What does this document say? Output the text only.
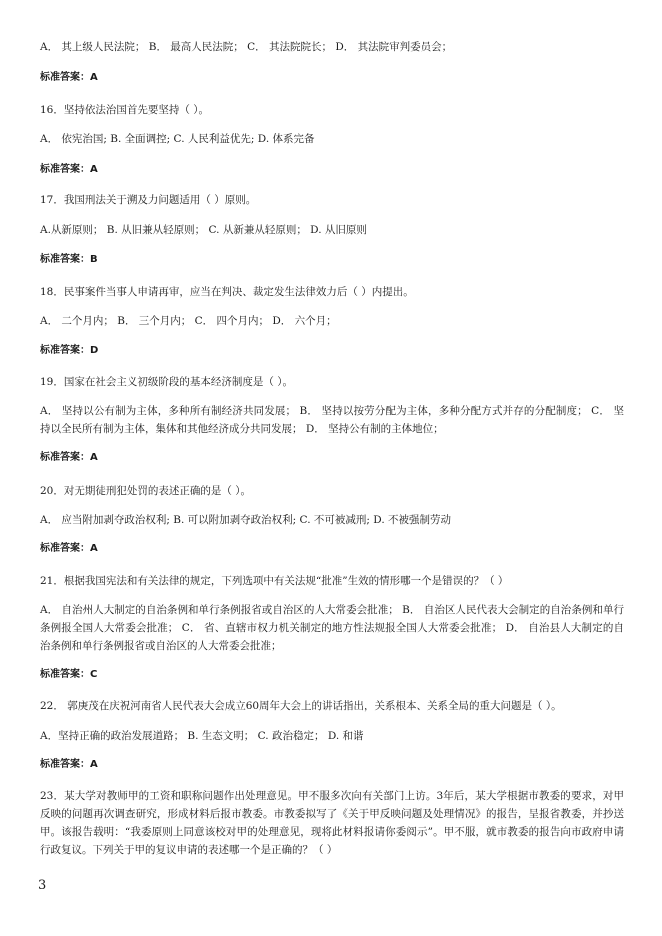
A． 其上级人民法院； B． 最高人民法院； C． 其法院院长； D． 其法院审判委员会；
标准答案：A
16．坚持依法治国首先要坚持（ ）。
A． 依宪治国; B. 全面调控; C. 人民利益优先; D. 体系完备
标准答案：A
17．我国刑法关于溯及力问题适用（ ）原则。
A.从新原则； B. 从旧兼从轻原则； C. 从新兼从轻原则； D. 从旧原则
标准答案：B
18．民事案件当事人申请再审，应当在判决、裁定发生法律效力后（ ）内提出。
A． 二个月内； B． 三个月内； C． 四个月内； D． 六个月；
标准答案：D
19．国家在社会主义初级阶段的基本经济制度是（ ）。
A． 坚持以公有制为主体，多种所有制经济共同发展； B． 坚持以按劳分配为主体，多种分配方式并存的分配制度； C． 坚持以全民所有制为主体，集体和其他经济成分共同发展； D． 坚持公有制的主体地位；
标准答案：A
20．对无期徒刑犯处罚的表述正确的是（ ）。
A． 应当附加剥夺政治权利; B. 可以附加剥夺政治权利; C. 不可被减刑; D. 不被强制劳动
标准答案：A
21．根据我国宪法和有关法律的规定，下列选项中有关法规“批准”生效的情形哪一个是错误的？（ ）
A． 自治州人大制定的自治条例和单行条例报省或自治区的人大常委会批准； B． 自治区人民代表大会制定的自治条例和单行条例报全国人大常委会批准； C． 省、直辖市权力机关制定的地方性法规报全国人大常委会批准； D． 自治县人大制定的自治条例和单行条例报省或自治区的人大常委会批准；
标准答案：C
22． 郭庚茂在庆祝河南省人民代表大会成立60周年大会上的讲话指出，关系根本、关系全局的重大问题是（ ）。
A．坚持正确的政治发展道路； B. 生态文明； C. 政治稳定； D. 和谐
标准答案：A
23．某大学对教师甲的工资和职称问题作出处理意见。甲不服多次向有关部门上访。3年后，某大学根据市教委的要求，对甲反映的问题再次调查研究，形成材料后报市教委。市教委拟写了《关于甲反映问题及处理情况》的报告，呈报省教委，并抄送甲。该报告载明：“我委原则上同意该校对甲的处理意见，现将此材料报请你委阅示”。甲不服，就市教委的报告向市政府申请行政复议。下列关于甲的复议申请的表述哪一个是正确的？（ ）
3
